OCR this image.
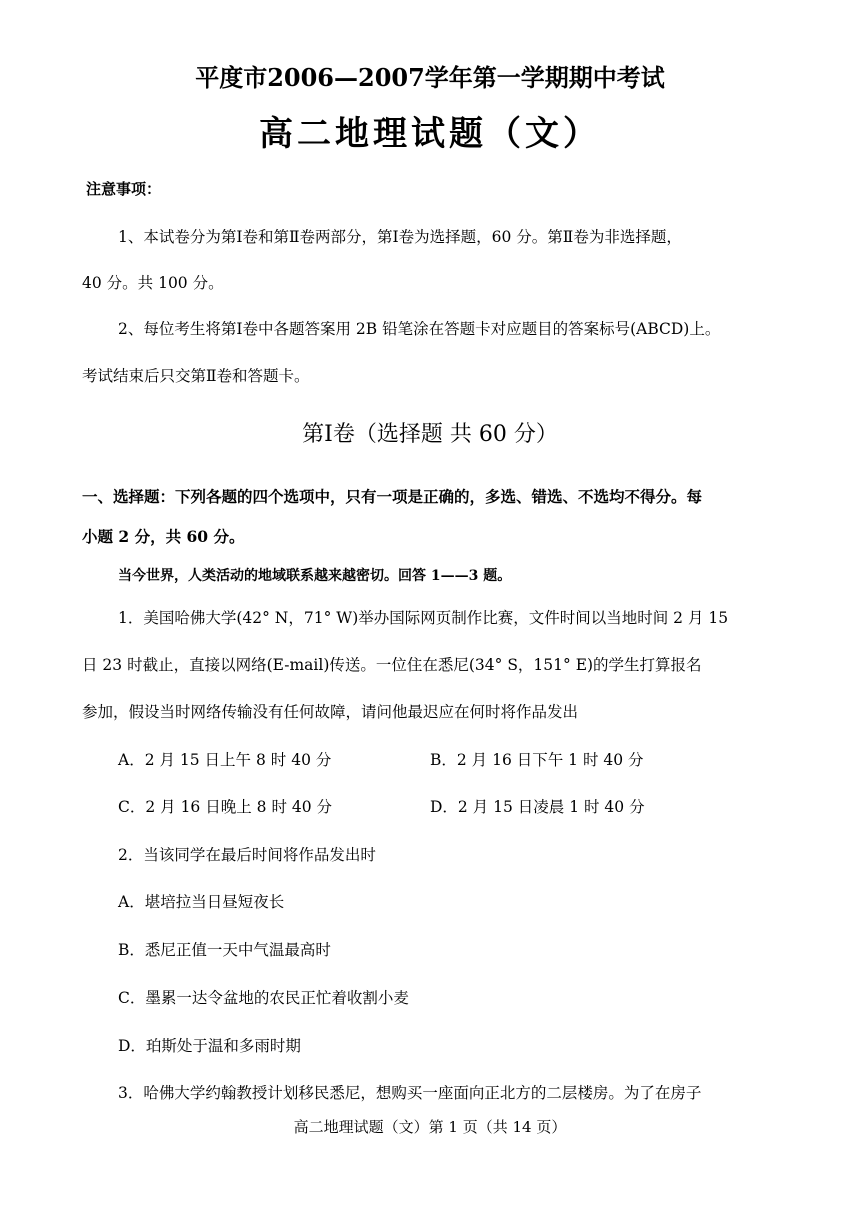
平度市2006—2007学年第一学期期中考试
高二地理试题（文）
注意事项：
1、本试卷分为第Ⅰ卷和第Ⅱ卷两部分，第Ⅰ卷为选择题，60 分。第Ⅱ卷为非选择题，
40 分。共 100 分。
2、每位考生将第Ⅰ卷中各题答案用 2B 铅笔涂在答题卡对应题目的答案标号(ABCD)上。
考试结束后只交第Ⅱ卷和答题卡。
第Ⅰ卷（选择题 共 60 分）
一、选择题：下列各题的四个选项中，只有一项是正确的，多选、错选、不选均不得分。每
小题 2 分，共 60 分。
当今世界，人类活动的地域联系越来越密切。回答 1——3 题。
1．美国哈佛大学(42° N，71° W)举办国际网页制作比赛，文件时间以当地时间 2 月 15
日 23 时截止，直接以网络(E-mail)传送。一位住在悉尼(34° S，151° E)的学生打算报名
参加，假设当时网络传输没有任何故障，请问他最迟应在何时将作品发出
A．2 月 15 日上午 8 时 40 分	B．2 月 16 日下午 1 时 40 分
C．2 月 16 日晚上 8 时 40 分	D．2 月 15 日凌晨 1 时 40 分
2．当该同学在最后时间将作品发出时
A．堪培拉当日昼短夜长
B．悉尼正值一天中气温最高时
C．墨累一达令盆地的农民正忙着收割小麦
D．珀斯处于温和多雨时期
3．哈佛大学约翰教授计划移民悉尼，想购买一座面向正北方的二层楼房。为了在房子
高二地理试题（文）第 1 页（共 14 页）
